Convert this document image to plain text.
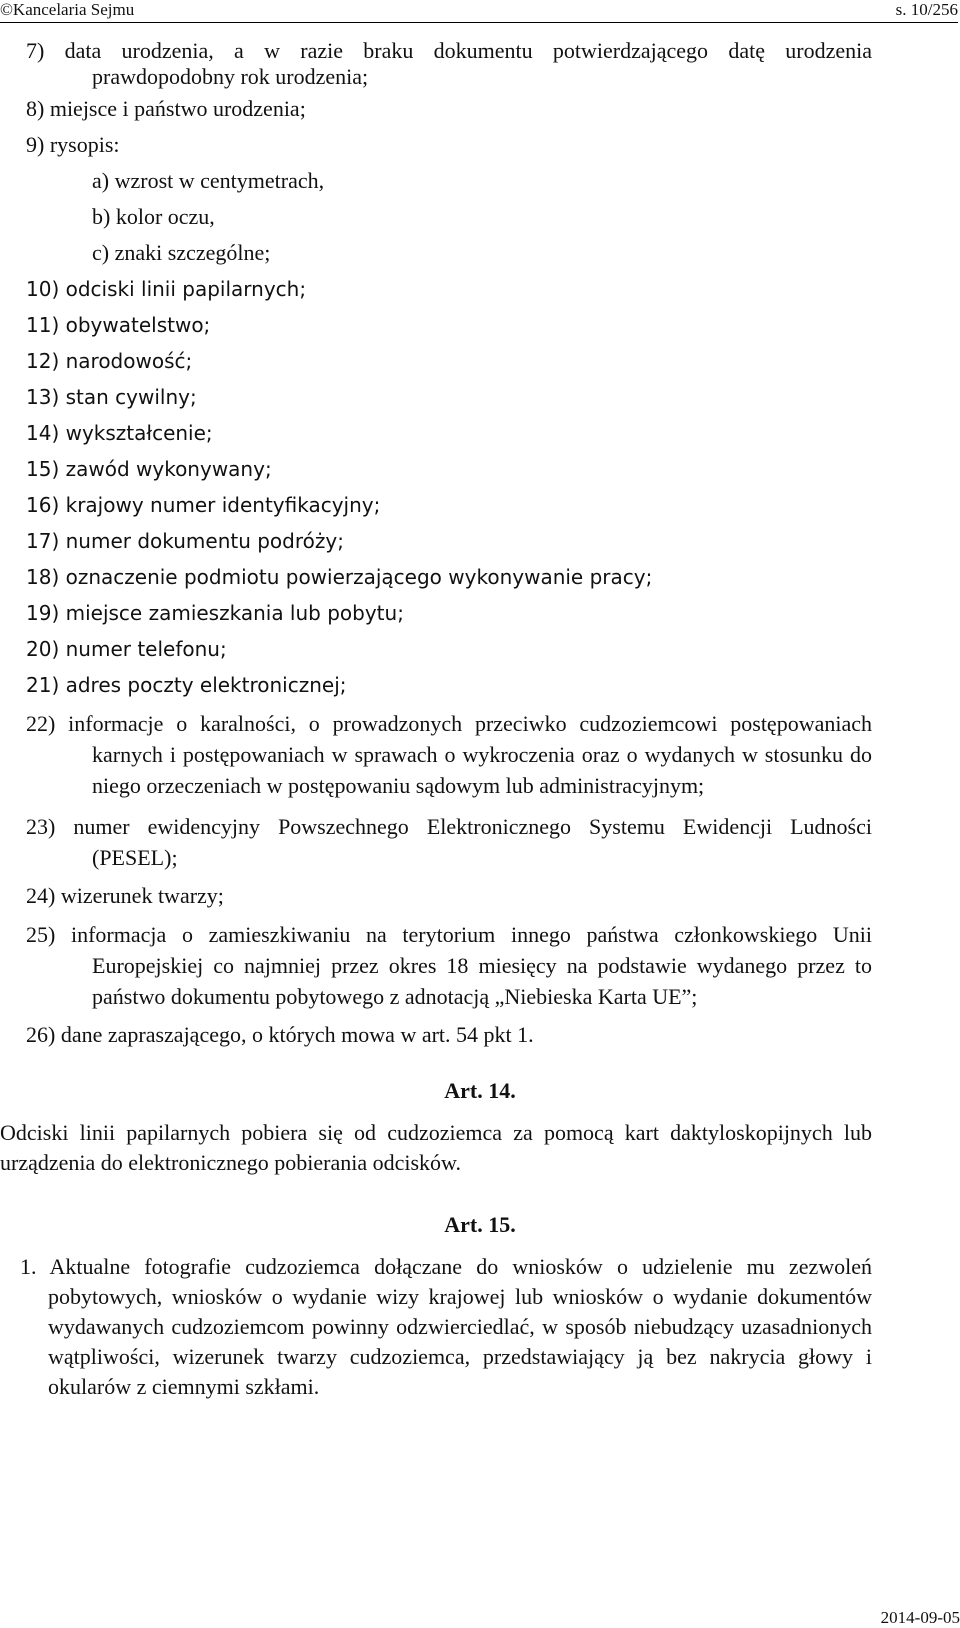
©Kancelaria Sejmu	s. 10/256
7) data urodzenia, a w razie braku dokumentu potwierdzającego datę urodzenia prawdopodobny rok urodzenia;
8) miejsce i państwo urodzenia;
9) rysopis:
a) wzrost w centymetrach,
b) kolor oczu,
c) znaki szczególne;
10) odciski linii papilarnych;
11) obywatelstwo;
12) narodowość;
13) stan cywilny;
14) wykształcenie;
15) zawód wykonywany;
16) krajowy numer identyfikacyjny;
17) numer dokumentu podróży;
18) oznaczenie podmiotu powierzającego wykonywanie pracy;
19) miejsce zamieszkania lub pobytu;
20) numer telefonu;
21) adres poczty elektronicznej;
22) informacje o karalności, o prowadzonych przeciwko cudzoziemcowi postępowaniach karnych i postępowaniach w sprawach o wykroczenia oraz o wydanych w stosunku do niego orzeczeniach w postępowaniu sądowym lub administracyjnym;
23) numer ewidencyjny Powszechnego Elektronicznego Systemu Ewidencji Ludności (PESEL);
24) wizerunek twarzy;
25) informacja o zamieszkiwaniu na terytorium innego państwa członkowskiego Unii Europejskiej co najmniej przez okres 18 miesięcy na podstawie wydanego przez to państwo dokumentu pobytowego z adnotacją „Niebieska Karta UE”;
26) dane zapraszającego, o których mowa w art. 54 pkt 1.
Art. 14.
Odciski linii papilarnych pobiera się od cudzoziemca za pomocą kart daktyloskopijnych lub urządzenia do elektronicznego pobierania odcisków.
Art. 15.
1. Aktualne fotografie cudzoziemca dołączane do wniosków o udzielenie mu zezwoleń pobytowych, wniosków o wydanie wizy krajowej lub wniosków o wydanie dokumentów wydawanych cudzoziemcom powinny odzwierciedlać, w sposób niebudzący uzasadnionych wątpliwości, wizerunek twarzy cudzoziemca, przedstawiający ją bez nakrycia głowy i okularów z ciemnymi szkłami.
2014-09-05
